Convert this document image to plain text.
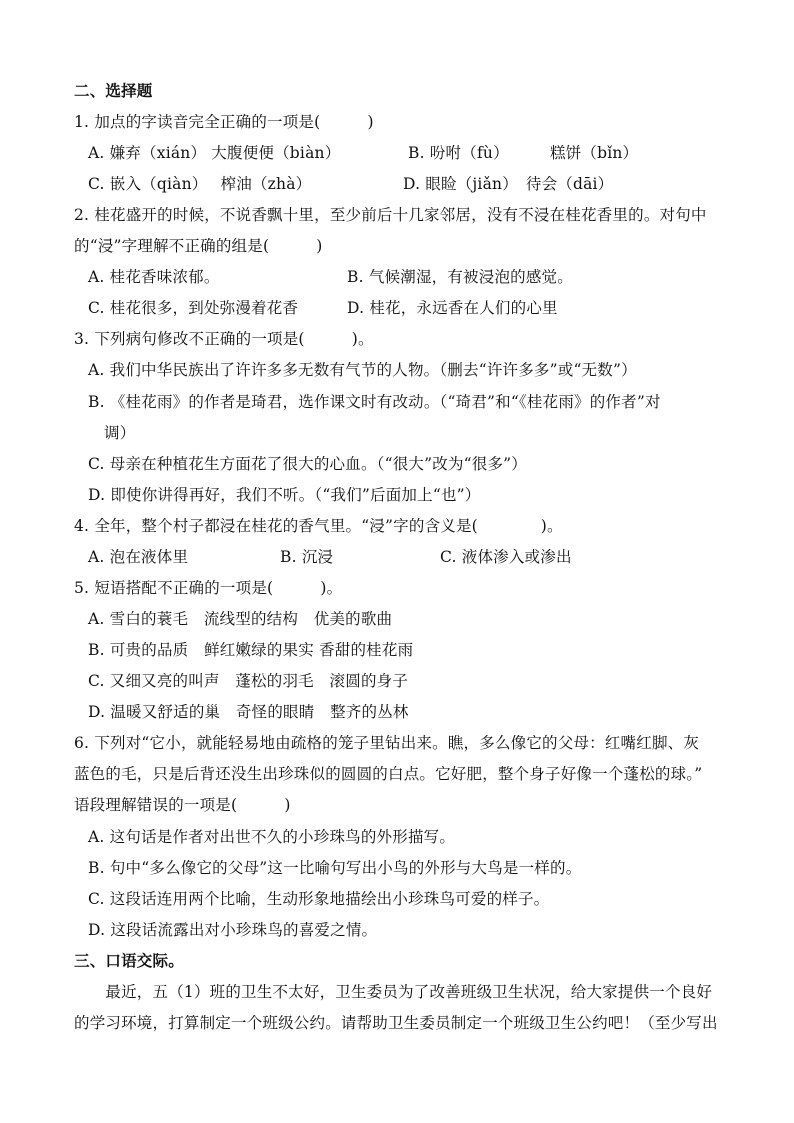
二、选择题
1. 加点的字读音完全正确的一项是(　　　)
A. 嫌弃（xián） 大腹便便（biàn）	B. 吩咐（fù）	糕饼（bǐn）
C. 嵌入（qiàn）　 榨油（zhà）	D. 眼睑（jiǎn）　待会（dāi）
2. 桂花盛开的时候，不说香飘十里，至少前后十几家邻居，没有不浸在桂花香里的。对句中
的“浸”字理解不正确的组是(　　　)
A. 桂花香味浓郁。	B. 气候潮湿，有被浸泡的感觉。
C. 桂花很多，到处弥漫着花香	D. 桂花，永远香在人们的心里
3. 下列病句修改不正确的一项是(　　　)。
A. 我们中华民族出了许许多多无数有气节的人物。（删去“许许多多”或“无数”）
B. 《桂花雨》的作者是琦君，选作课文时有改动。（“琦君”和“《桂花雨》的作者”对
调）
C. 母亲在种植花生方面花了很大的心血。（“很大”改为“很多”）
D. 即使你讲得再好，我们不听。（“我们”后面加上“也”）
4. 全年，整个村子都浸在桂花的香气里。“浸”字的含义是(　　　　)。
A. 泡在液体里	B. 沉浸	C. 液体渗入或渗出
5. 短语搭配不正确的一项是(　　　)。
A. 雪白的蓑毛　流线型的结构　优美的歌曲
B. 可贵的品质　鲜红嫩绿的果实 香甜的桂花雨
C. 又细又亮的叫声　蓬松的羽毛　滚圆的身子
D. 温暖又舒适的巢　奇怪的眼睛　整齐的丛林
6. 下列对“它小，就能轻易地由疏格的笼子里钻出来。瞧，多么像它的父母：红嘴红脚、灰
蓝色的毛，只是后背还没生出珍珠似的圆圆的白点。它好肥，整个身子好像一个蓬松的球。”
语段理解错误的一项是(　　　)
A. 这句话是作者对出世不久的小珍珠鸟的外形描写。
B. 句中“多么像它的父母”这一比喻句写出小鸟的外形与大鸟是一样的。
C. 这段话连用两个比喻，生动形象地描绘出小珍珠鸟可爱的样子。
D. 这段话流露出对小珍珠鸟的喜爱之情。
三、口语交际。
　　最近，五（1）班的卫生不太好，卫生委员为了改善班级卫生状况，给大家提供一个良好
的学习环境，打算制定一个班级公约。请帮助卫生委员制定一个班级卫生公约吧！（至少写出
